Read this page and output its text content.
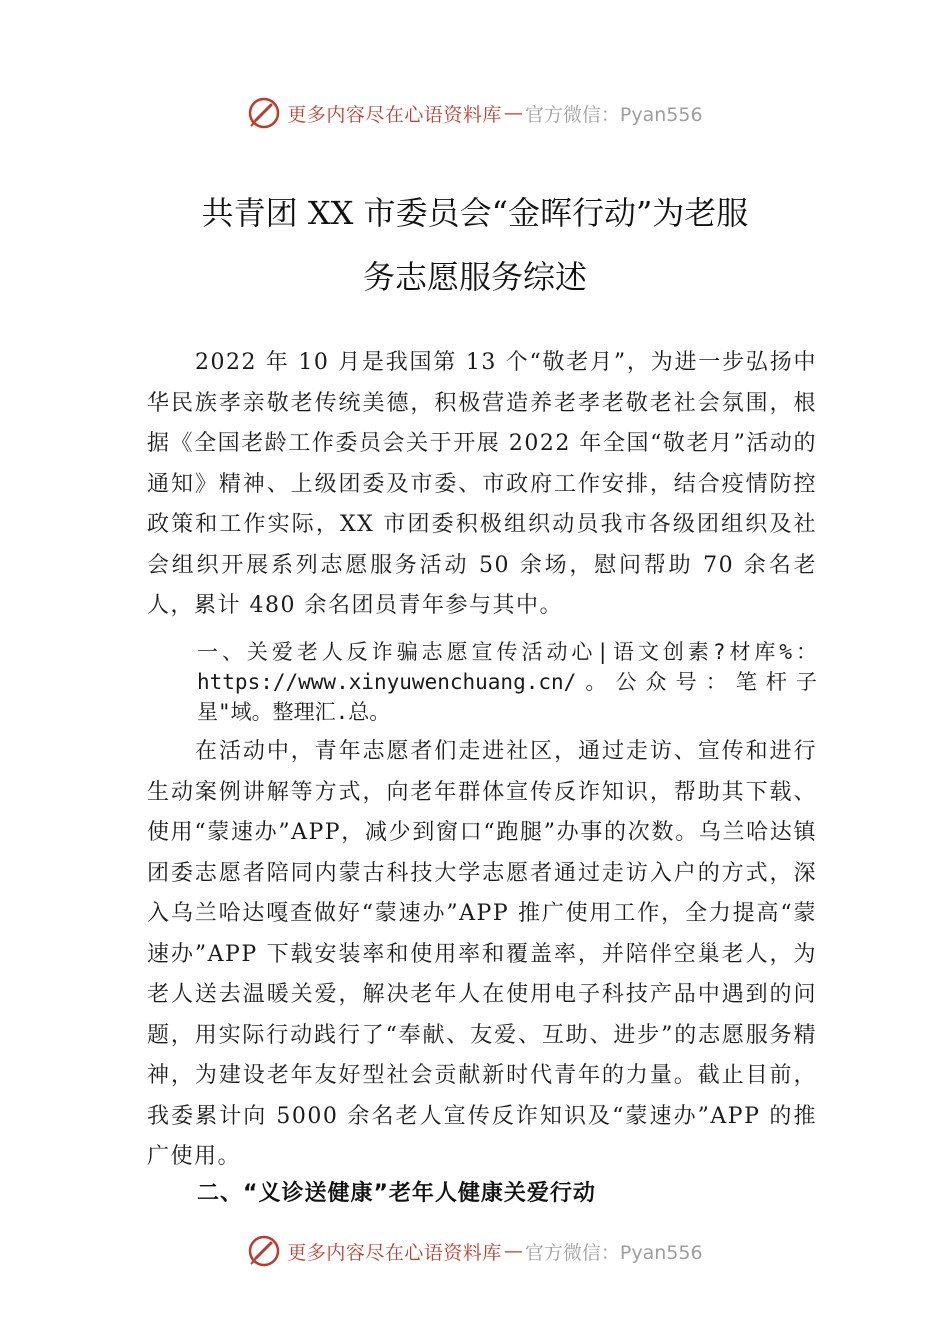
更多内容尽在心语资料库 — 官方微信：Pyan556
共青团 XX 市委员会“金晖行动”为老服
务志愿服务综述
2022 年 10 月是我国第 13 个“敬老月”，为进一步弘扬中华民族孝亲敬老传统美德，积极营造养老孝老敬老社会氛围，根据《全国老龄工作委员会关于开展 2022 年全国“敬老月”活动的通知》精神、上级团委及市委、市政府工作安排，结合疫情防控政策和工作实际，XX 市团委积极组织动员我市各级团组织及社会组织开展系列志愿服务活动 50 余场，慰问帮助 70 余名老人，累计 480 余名团员青年参与其中。
一、关爱老人反诈骗志愿宣传活动心|语文创素?材库%：https://www.xinyuwenchuang.cn/。公众号：笔杆子星"域。整理汇.总。
在活动中，青年志愿者们走进社区，通过走访、宣传和进行生动案例讲解等方式，向老年群体宣传反诈知识，帮助其下载、使用“蒙速办”APP，减少到窗口“跑腿”办事的次数。乌兰哈达镇团委志愿者陪同内蒙古科技大学志愿者通过走访入户的方式，深入乌兰哈达嘎查做好“蒙速办”APP 推广使用工作，全力提高“蒙速办”APP 下载安装率和使用率和覆盖率，并陪伴空巢老人，为老人送去温暖关爱，解决老年人在使用电子科技产品中遇到的问题，用实际行动践行了“奉献、友爱、互助、进步”的志愿服务精神，为建设老年友好型社会贡献新时代青年的力量。截止目前，我委累计向 5000 余名老人宣传反诈知识及“蒙速办”APP 的推广使用。
二、“义诊送健康”老年人健康关爱行动
更多内容尽在心语资料库 — 官方微信：Pyan556
